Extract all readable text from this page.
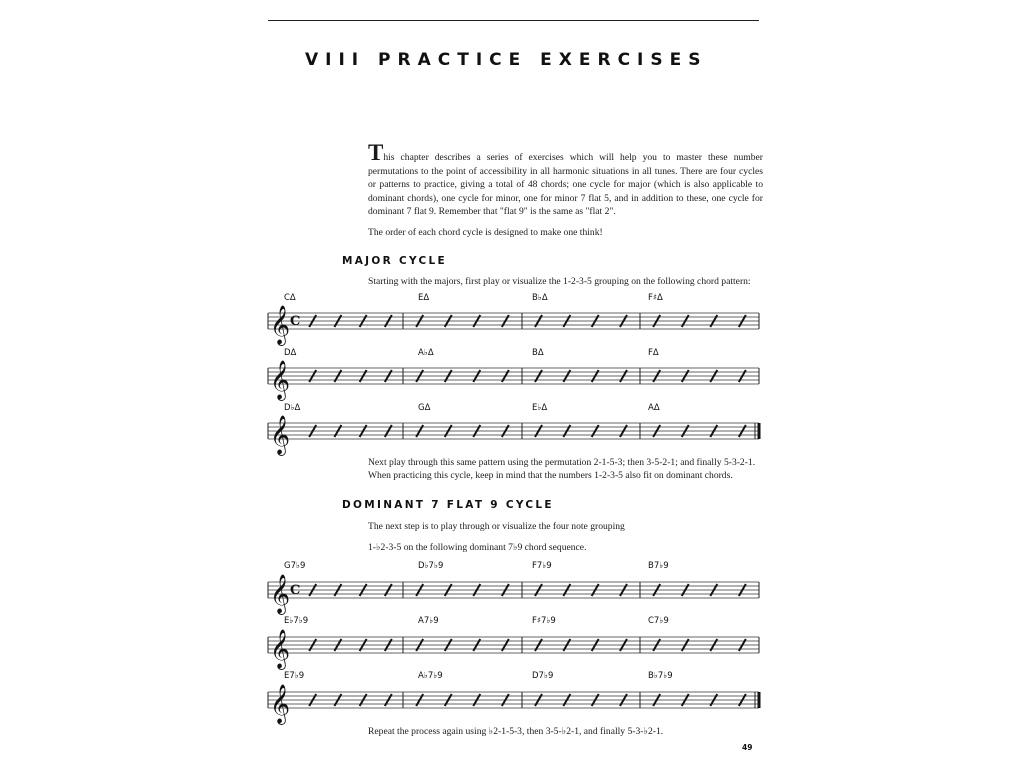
VIII PRACTICE EXERCISES
This chapter describes a series of exercises which will help you to master these number permutations to the point of accessibility in all harmonic situations in all tunes. There are four cycles or patterns to practice, giving a total of 48 chords; one cycle for major (which is also applicable to dominant chords), one cycle for minor, one for minor 7 flat 5, and in addition to these, one cycle for dominant 7 flat 9. Remember that "flat 9" is the same as "flat 2".
The order of each chord cycle is designed to make one think!
MAJOR CYCLE
Starting with the majors, first play or visualize the 1-2-3-5 grouping on the following chord pattern:
Next play through this same pattern using the permutation 2-1-5-3; then 3-5-2-1; and finally 5-3-2-1.
When practicing this cycle, keep in mind that the numbers 1-2-3-5 also fit on dominant chords.
DOMINANT 7 FLAT 9 CYCLE
The next step is to play through or visualize the four note grouping
1-♭2-3-5 on the following dominant 7♭9 chord sequence.
Repeat the process again using ♭2-1-5-3, then 3-5-♭2-1, and finally 5-3-♭2-1.
49
𝄞 C
CΔ	EΔ	B♭Δ	F♯Δ
𝄞
DΔ	A♭Δ	BΔ	FΔ
𝄞
D♭Δ	GΔ	E♭Δ	AΔ
𝄞 C
G7♭9	D♭7♭9	F7♭9	B7♭9
𝄞
E♭7♭9	A7♭9	F♯7♭9	C7♭9
𝄞
E7♭9	A♭7♭9	D7♭9	B♭7♭9
